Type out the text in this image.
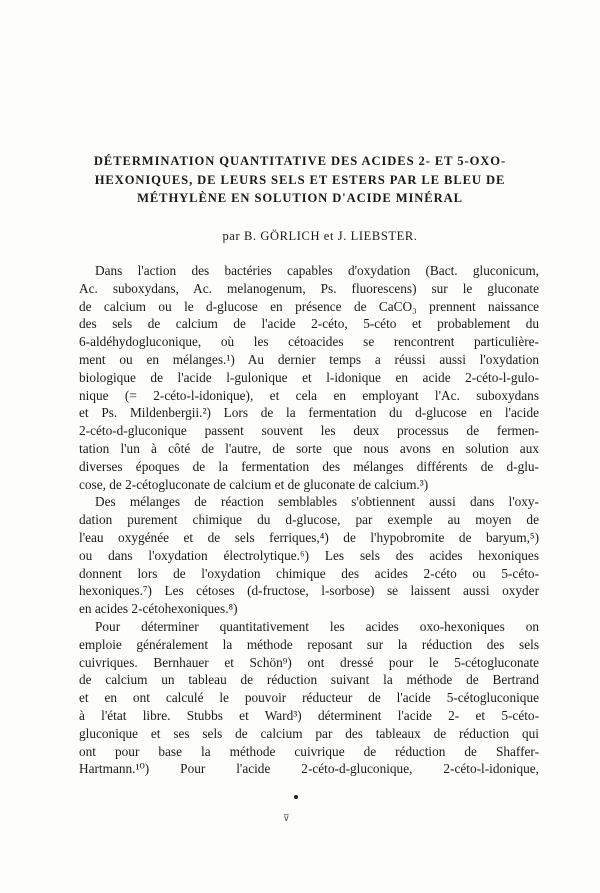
DÉTERMINATION QUANTITATIVE DES ACIDES 2- ET 5-OXO-
HEXONIQUES, DE LEURS SELS ET ESTERS PAR LE BLEU DE
MÉTHYLÈNE EN SOLUTION D'ACIDE MINÉRAL
par B. GÖRLICH et J. LIEBSTER.
Dans l'action des bactéries capables d'oxydation (Bact. gluconicum,
Ac. suboxydans, Ac. melanogenum, Ps. fluorescens) sur le gluconate
de calcium ou le d-glucose en présence de CaCO₃ prennent naissance
des sels de calcium de l'acide 2-céto, 5-céto et probablement du
6-aldéhydogluconique, où les cétoacides se rencontrent particulière-
ment ou en mélanges.¹) Au dernier temps a réussi aussi l'oxydation
biologique de l'acide l-gulonique et l-idonique en acide 2-céto-l-gulo-
nique (= 2-céto-l-idonique), et cela en employant l'Ac. suboxydans
et Ps. Mildenbergii.²) Lors de la fermentation du d-glucose en l'acide
2-céto-d-gluconique passent souvent les deux processus de fermen-
tation l'un à côté de l'autre, de sorte que nous avons en solution aux
diverses époques de la fermentation des mélanges différents de d-glu-
cose, de 2-cétogluconate de calcium et de gluconate de calcium.³)
Des mélanges de réaction semblables s'obtiennent aussi dans l'oxy-
dation purement chimique du d-glucose, par exemple au moyen de
l'eau oxygénée et de sels ferriques,⁴) de l'hypobromite de baryum,⁵)
ou dans l'oxydation électrolytique.⁶) Les sels des acides hexoniques
donnent lors de l'oxydation chimique des acides 2-céto ou 5-céto-
hexoniques.⁷) Les cétoses (d-fructose, l-sorbose) se laissent aussi oxyder
en acides 2-cétohexoniques.⁸)
Pour déterminer quantitativement les acides oxo-hexoniques on
emploie généralement la méthode reposant sur la réduction des sels
cuivriques. Bernhauer et Schön⁹) ont dressé pour le 5-cétogluconate
de calcium un tableau de réduction suivant la méthode de Bertrand
et en ont calculé le pouvoir réducteur de l'acide 5-cétogluconique
à l'état libre. Stubbs et Ward³) déterminent l'acide 2- et 5-céto-
gluconique et ses sels de calcium par des tableaux de réduction qui
ont pour base la méthode cuivrique de réduction de Shaffer-
Hartmann.¹⁰) Pour l'acide 2-céto-d-gluconique, 2-céto-l-idonique,
⊽
